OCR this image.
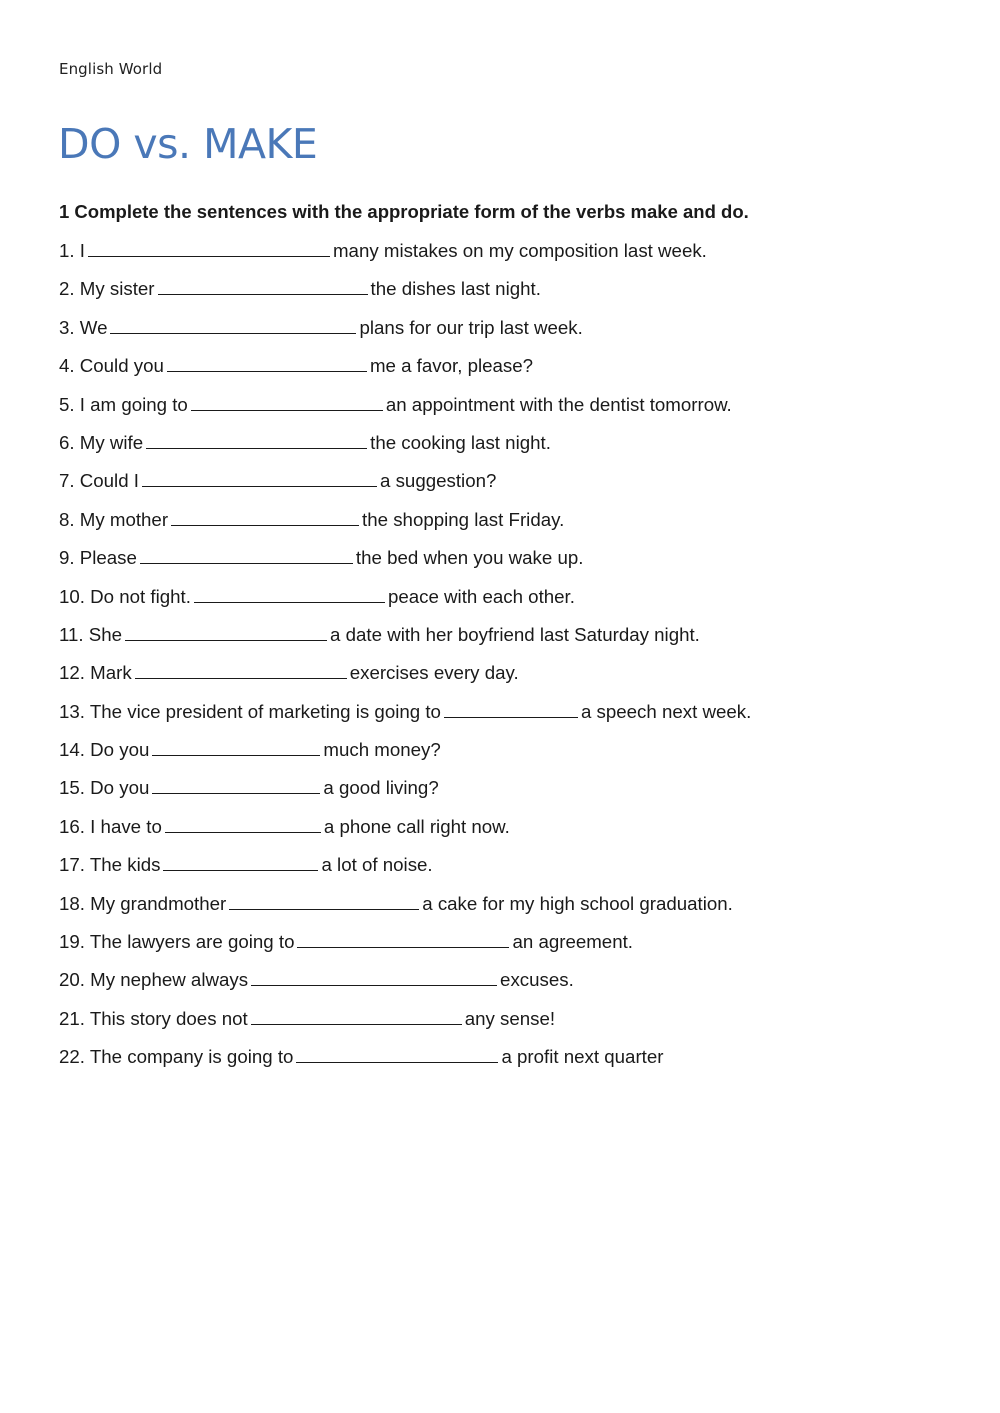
English World
DO vs. MAKE
1 Complete the sentences with the appropriate form of the verbs make and do.
1. I	many mistakes on my composition last week.
2. My sister	the dishes last night.
3. We	plans for our trip last week.
4. Could you	me a favor, please?
5. I am going to	an appointment with the dentist tomorrow.
6. My wife	the cooking last night.
7. Could I	a suggestion?
8. My mother	the shopping last Friday.
9. Please	the bed when you wake up.
10. Do not fight.	peace with each other.
11. She	a date with her boyfriend last Saturday night.
12. Mark	exercises every day.
13. The vice president of marketing is going to	a speech next week.
14. Do you	much money?
15. Do you	a good living?
16. I have to	a phone call right now.
17. The kids	a lot of noise.
18. My grandmother	a cake for my high school graduation.
19. The lawyers are going to	an agreement.
20. My nephew always	excuses.
21. This story does not	any sense!
22. The company is going to	a profit next quarter
